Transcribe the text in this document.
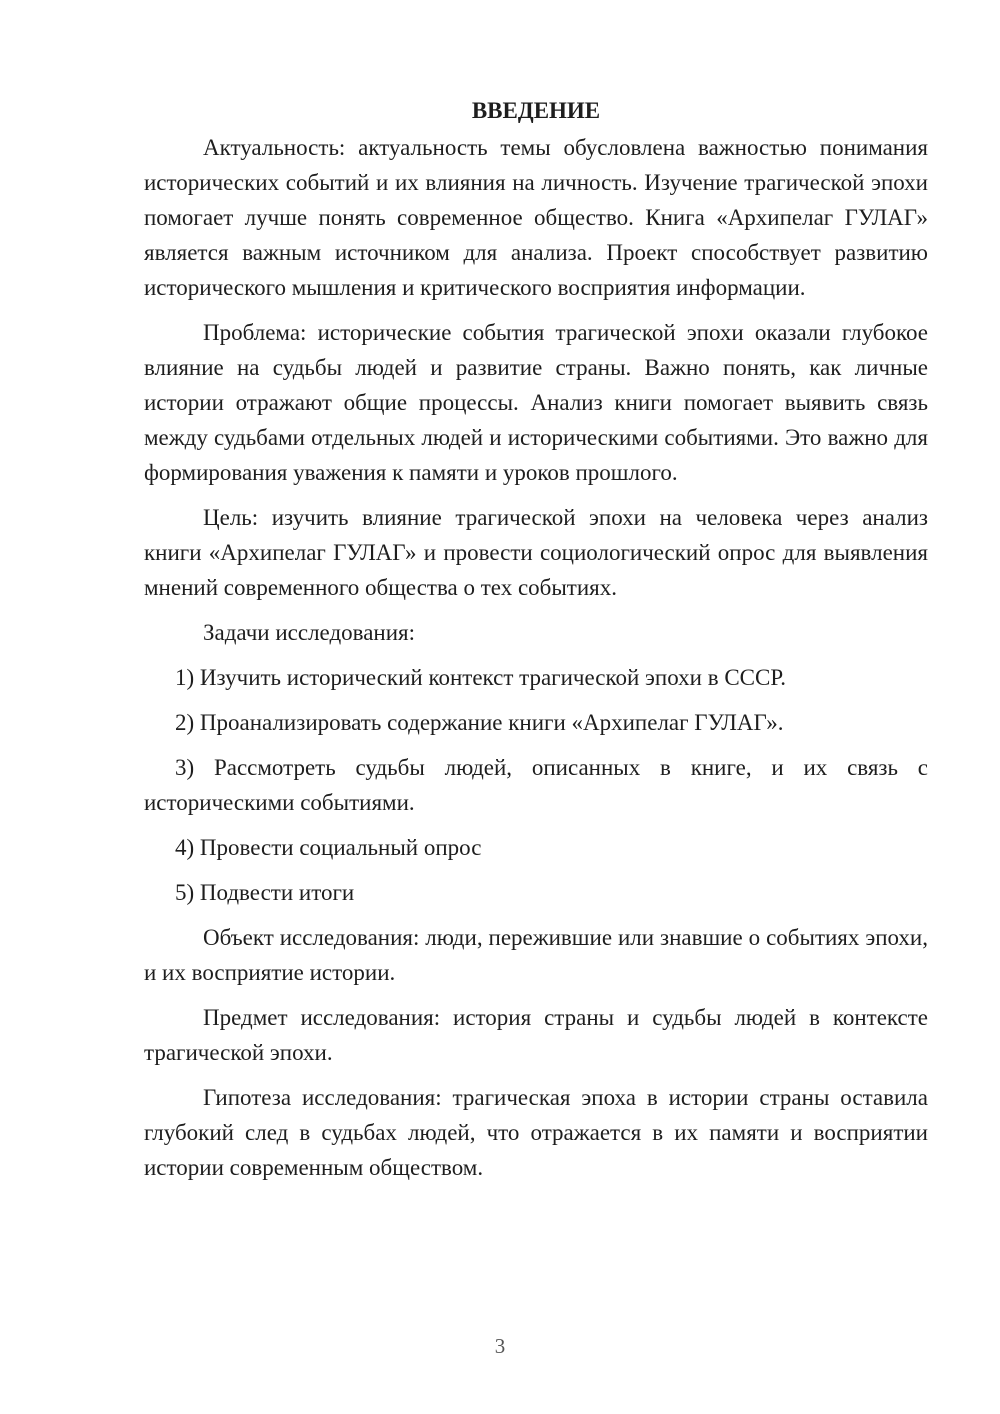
ВВЕДЕНИЕ

Актуальность: актуальность темы обусловлена важностью понимания исторических событий и их влияния на личность. Изучение трагической эпохи помогает лучше понять современное общество. Книга «Архипелаг ГУЛАГ» является важным источником для анализа. Проект способствует развитию исторического мышления и критического восприятия информации.

Проблема: исторические события трагической эпохи оказали глубокое влияние на судьбы людей и развитие страны. Важно понять, как личные истории отражают общие процессы. Анализ книги помогает выявить связь между судьбами отдельных людей и историческими событиями. Это важно для формирования уважения к памяти и уроков прошлого.

Цель: изучить влияние трагической эпохи на человека через анализ книги «Архипелаг ГУЛАГ» и провести социологический опрос для выявления мнений современного общества о тех событиях.

Задачи исследования:

1) Изучить исторический контекст трагической эпохи в СССР.

2) Проанализировать содержание книги «Архипелаг ГУЛАГ».

3) Рассмотреть судьбы людей, описанных в книге, и их связь с историческими событиями.

4) Провести социальный опрос

5) Подвести итоги

Объект исследования: люди, пережившие или знавшие о событиях эпохи, и их восприятие истории.

Предмет исследования: история страны и судьбы людей в контексте трагической эпохи.

Гипотеза исследования: трагическая эпоха в истории страны оставила глубокий след в судьбах людей, что отражается в их памяти и восприятии истории современным обществом.

3
